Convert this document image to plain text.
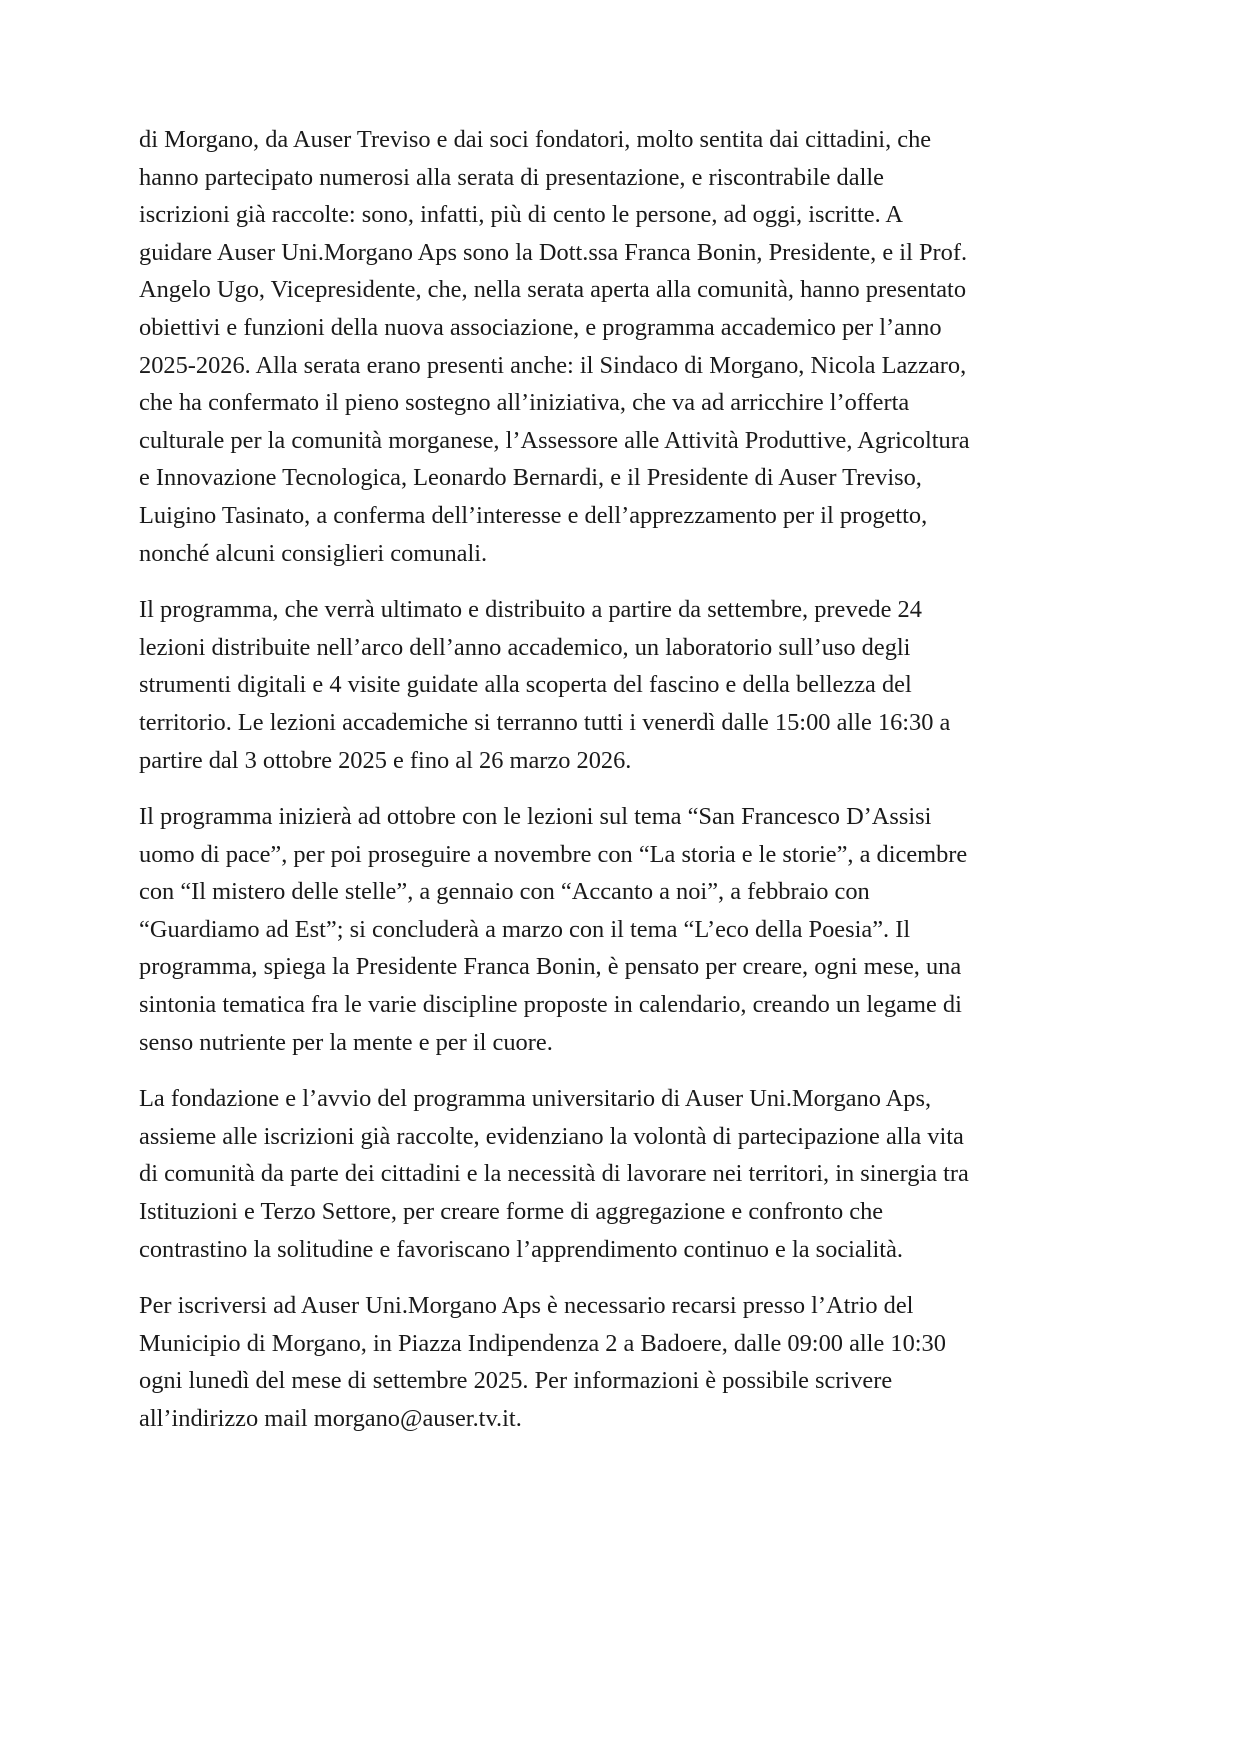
di Morgano, da Auser Treviso e dai soci fondatori, molto sentita dai cittadini, che
hanno partecipato numerosi alla serata di presentazione, e riscontrabile dalle
iscrizioni già raccolte: sono, infatti, più di cento le persone, ad oggi, iscritte. A
guidare Auser Uni.Morgano Aps sono la Dott.ssa Franca Bonin, Presidente, e il Prof.
Angelo Ugo, Vicepresidente, che, nella serata aperta alla comunità, hanno presentato
obiettivi e funzioni della nuova associazione, e programma accademico per l’anno
2025-2026. Alla serata erano presenti anche: il Sindaco di Morgano, Nicola Lazzaro,
che ha confermato il pieno sostegno all’iniziativa, che va ad arricchire l’offerta
culturale per la comunità morganese, l’Assessore alle Attività Produttive, Agricoltura
e Innovazione Tecnologica, Leonardo Bernardi, e il Presidente di Auser Treviso,
Luigino Tasinato, a conferma dell’interesse e dell’apprezzamento per il progetto,
nonché alcuni consiglieri comunali.

Il programma, che verrà ultimato e distribuito a partire da settembre, prevede 24
lezioni distribuite nell’arco dell’anno accademico, un laboratorio sull’uso degli
strumenti digitali e 4 visite guidate alla scoperta del fascino e della bellezza del
territorio. Le lezioni accademiche si terranno tutti i venerdì dalle 15:00 alle 16:30 a
partire dal 3 ottobre 2025 e fino al 26 marzo 2026.

Il programma inizierà ad ottobre con le lezioni sul tema “San Francesco D’Assisi
uomo di pace”, per poi proseguire a novembre con “La storia e le storie”, a dicembre
con “Il mistero delle stelle”, a gennaio con “Accanto a noi”, a febbraio con
“Guardiamo ad Est”; si concluderà a marzo con il tema “L’eco della Poesia”. Il
programma, spiega la Presidente Franca Bonin, è pensato per creare, ogni mese, una
sintonia tematica fra le varie discipline proposte in calendario, creando un legame di
senso nutriente per la mente e per il cuore.

La fondazione e l’avvio del programma universitario di Auser Uni.Morgano Aps,
assieme alle iscrizioni già raccolte, evidenziano la volontà di partecipazione alla vita
di comunità da parte dei cittadini e la necessità di lavorare nei territori, in sinergia tra
Istituzioni e Terzo Settore, per creare forme di aggregazione e confronto che
contrastino la solitudine e favoriscano l’apprendimento continuo e la socialità.

Per iscriversi ad Auser Uni.Morgano Aps è necessario recarsi presso l’Atrio del
Municipio di Morgano, in Piazza Indipendenza 2 a Badoere, dalle 09:00 alle 10:30
ogni lunedì del mese di settembre 2025. Per informazioni è possibile scrivere
all’indirizzo mail morgano@auser.tv.it.
